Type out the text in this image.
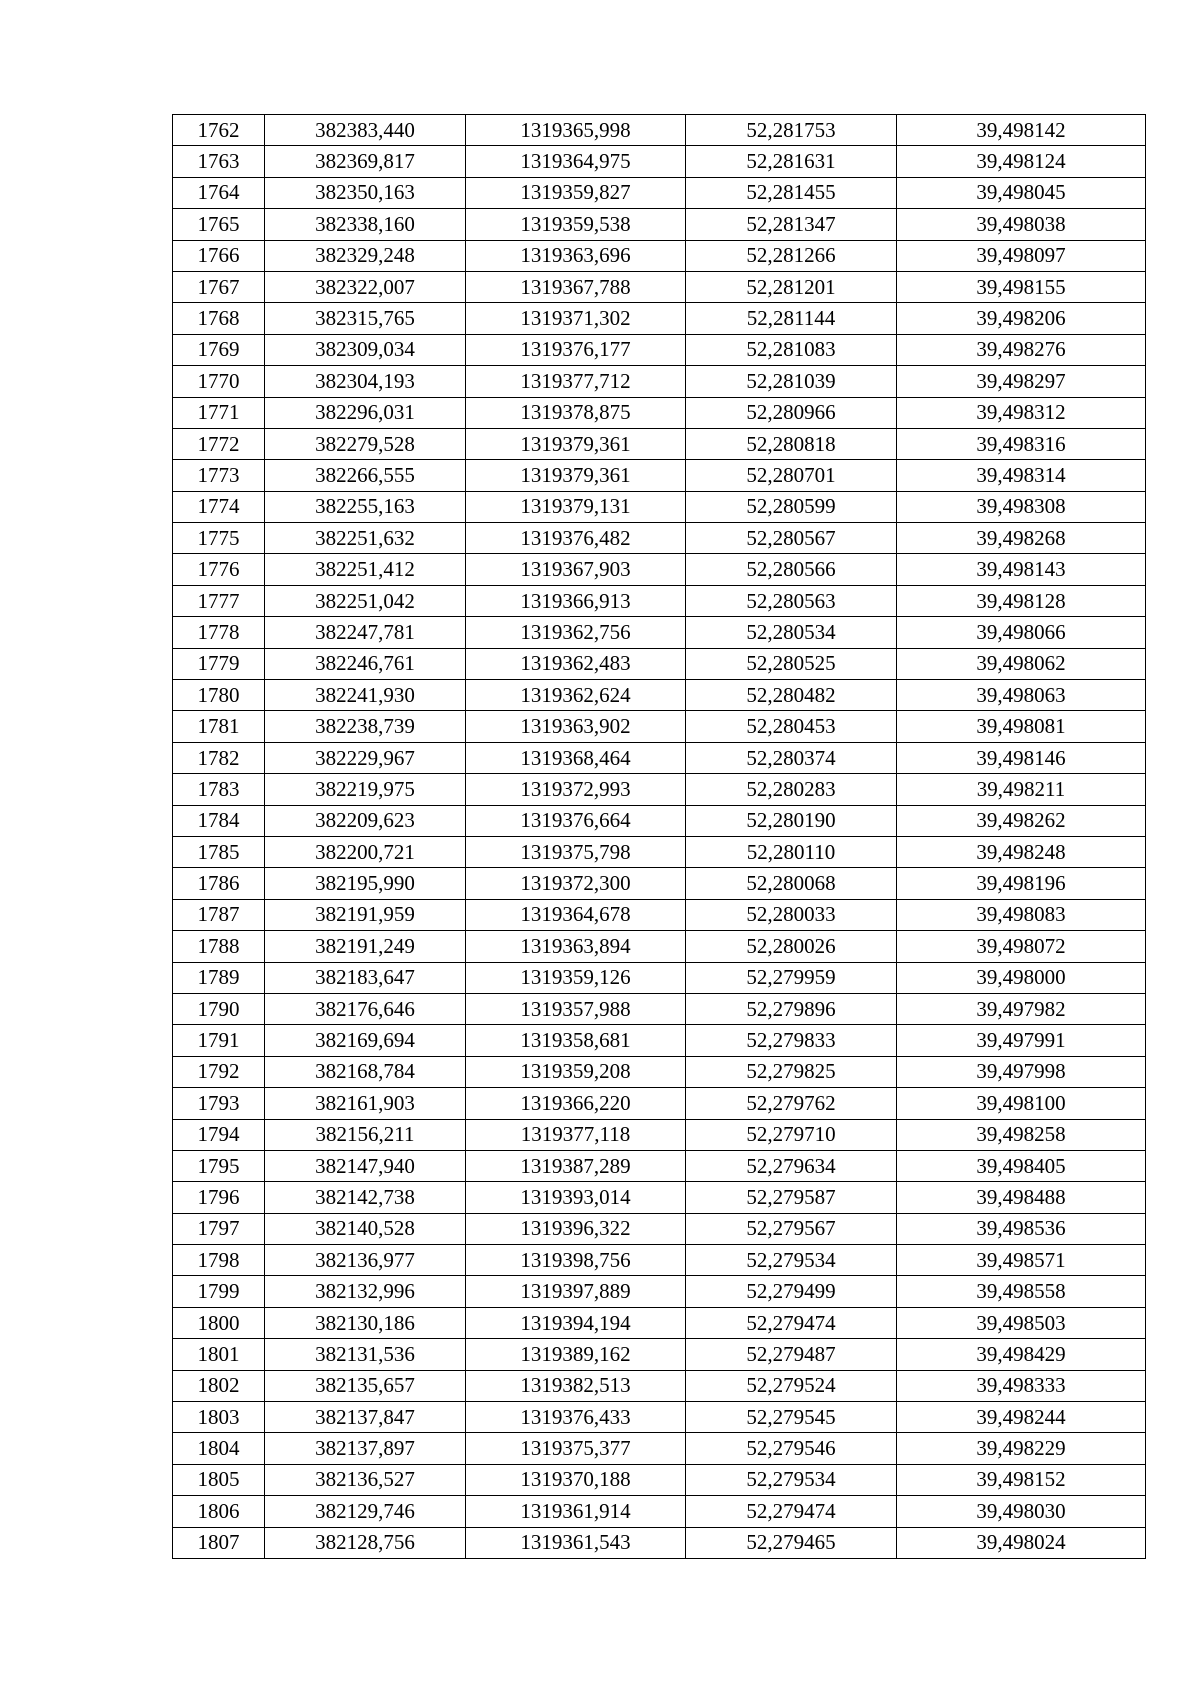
1762	382383,440	1319365,998	52,281753	39,498142
1763	382369,817	1319364,975	52,281631	39,498124
1764	382350,163	1319359,827	52,281455	39,498045
1765	382338,160	1319359,538	52,281347	39,498038
1766	382329,248	1319363,696	52,281266	39,498097
1767	382322,007	1319367,788	52,281201	39,498155
1768	382315,765	1319371,302	52,281144	39,498206
1769	382309,034	1319376,177	52,281083	39,498276
1770	382304,193	1319377,712	52,281039	39,498297
1771	382296,031	1319378,875	52,280966	39,498312
1772	382279,528	1319379,361	52,280818	39,498316
1773	382266,555	1319379,361	52,280701	39,498314
1774	382255,163	1319379,131	52,280599	39,498308
1775	382251,632	1319376,482	52,280567	39,498268
1776	382251,412	1319367,903	52,280566	39,498143
1777	382251,042	1319366,913	52,280563	39,498128
1778	382247,781	1319362,756	52,280534	39,498066
1779	382246,761	1319362,483	52,280525	39,498062
1780	382241,930	1319362,624	52,280482	39,498063
1781	382238,739	1319363,902	52,280453	39,498081
1782	382229,967	1319368,464	52,280374	39,498146
1783	382219,975	1319372,993	52,280283	39,498211
1784	382209,623	1319376,664	52,280190	39,498262
1785	382200,721	1319375,798	52,280110	39,498248
1786	382195,990	1319372,300	52,280068	39,498196
1787	382191,959	1319364,678	52,280033	39,498083
1788	382191,249	1319363,894	52,280026	39,498072
1789	382183,647	1319359,126	52,279959	39,498000
1790	382176,646	1319357,988	52,279896	39,497982
1791	382169,694	1319358,681	52,279833	39,497991
1792	382168,784	1319359,208	52,279825	39,497998
1793	382161,903	1319366,220	52,279762	39,498100
1794	382156,211	1319377,118	52,279710	39,498258
1795	382147,940	1319387,289	52,279634	39,498405
1796	382142,738	1319393,014	52,279587	39,498488
1797	382140,528	1319396,322	52,279567	39,498536
1798	382136,977	1319398,756	52,279534	39,498571
1799	382132,996	1319397,889	52,279499	39,498558
1800	382130,186	1319394,194	52,279474	39,498503
1801	382131,536	1319389,162	52,279487	39,498429
1802	382135,657	1319382,513	52,279524	39,498333
1803	382137,847	1319376,433	52,279545	39,498244
1804	382137,897	1319375,377	52,279546	39,498229
1805	382136,527	1319370,188	52,279534	39,498152
1806	382129,746	1319361,914	52,279474	39,498030
1807	382128,756	1319361,543	52,279465	39,498024
